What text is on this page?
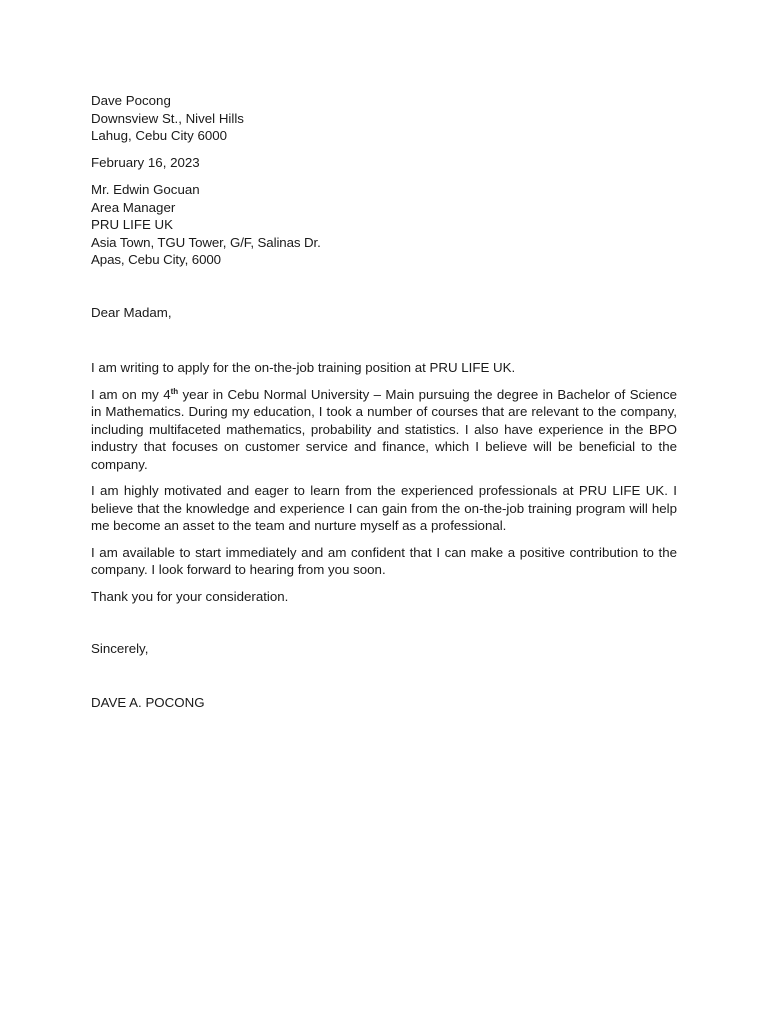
Dave Pocong
Downsview St., Nivel Hills
Lahug, Cebu City 6000
February 16, 2023
Mr. Edwin Gocuan
Area Manager
PRU LIFE UK
Asia Town, TGU Tower, G/F, Salinas Dr.
Apas, Cebu City, 6000
Dear Madam,

I am writing to apply for the on-the-job training position at PRU LIFE UK.

I am on my 4th year in Cebu Normal University – Main pursuing the degree in Bachelor of Science in Mathematics. During my education, I took a number of courses that are relevant to the company, including multifaceted mathematics, probability and statistics. I also have experience in the BPO industry that focuses on customer service and finance, which I believe will be beneficial to the company.

I am highly motivated and eager to learn from the experienced professionals at PRU LIFE UK. I believe that the knowledge and experience I can gain from the on-the-job training program will help me become an asset to the team and nurture myself as a professional.

I am available to start immediately and am confident that I can make a positive contribution to the company. I look forward to hearing from you soon.

Thank you for your consideration.

Sincerely,
DAVE A. POCONG
